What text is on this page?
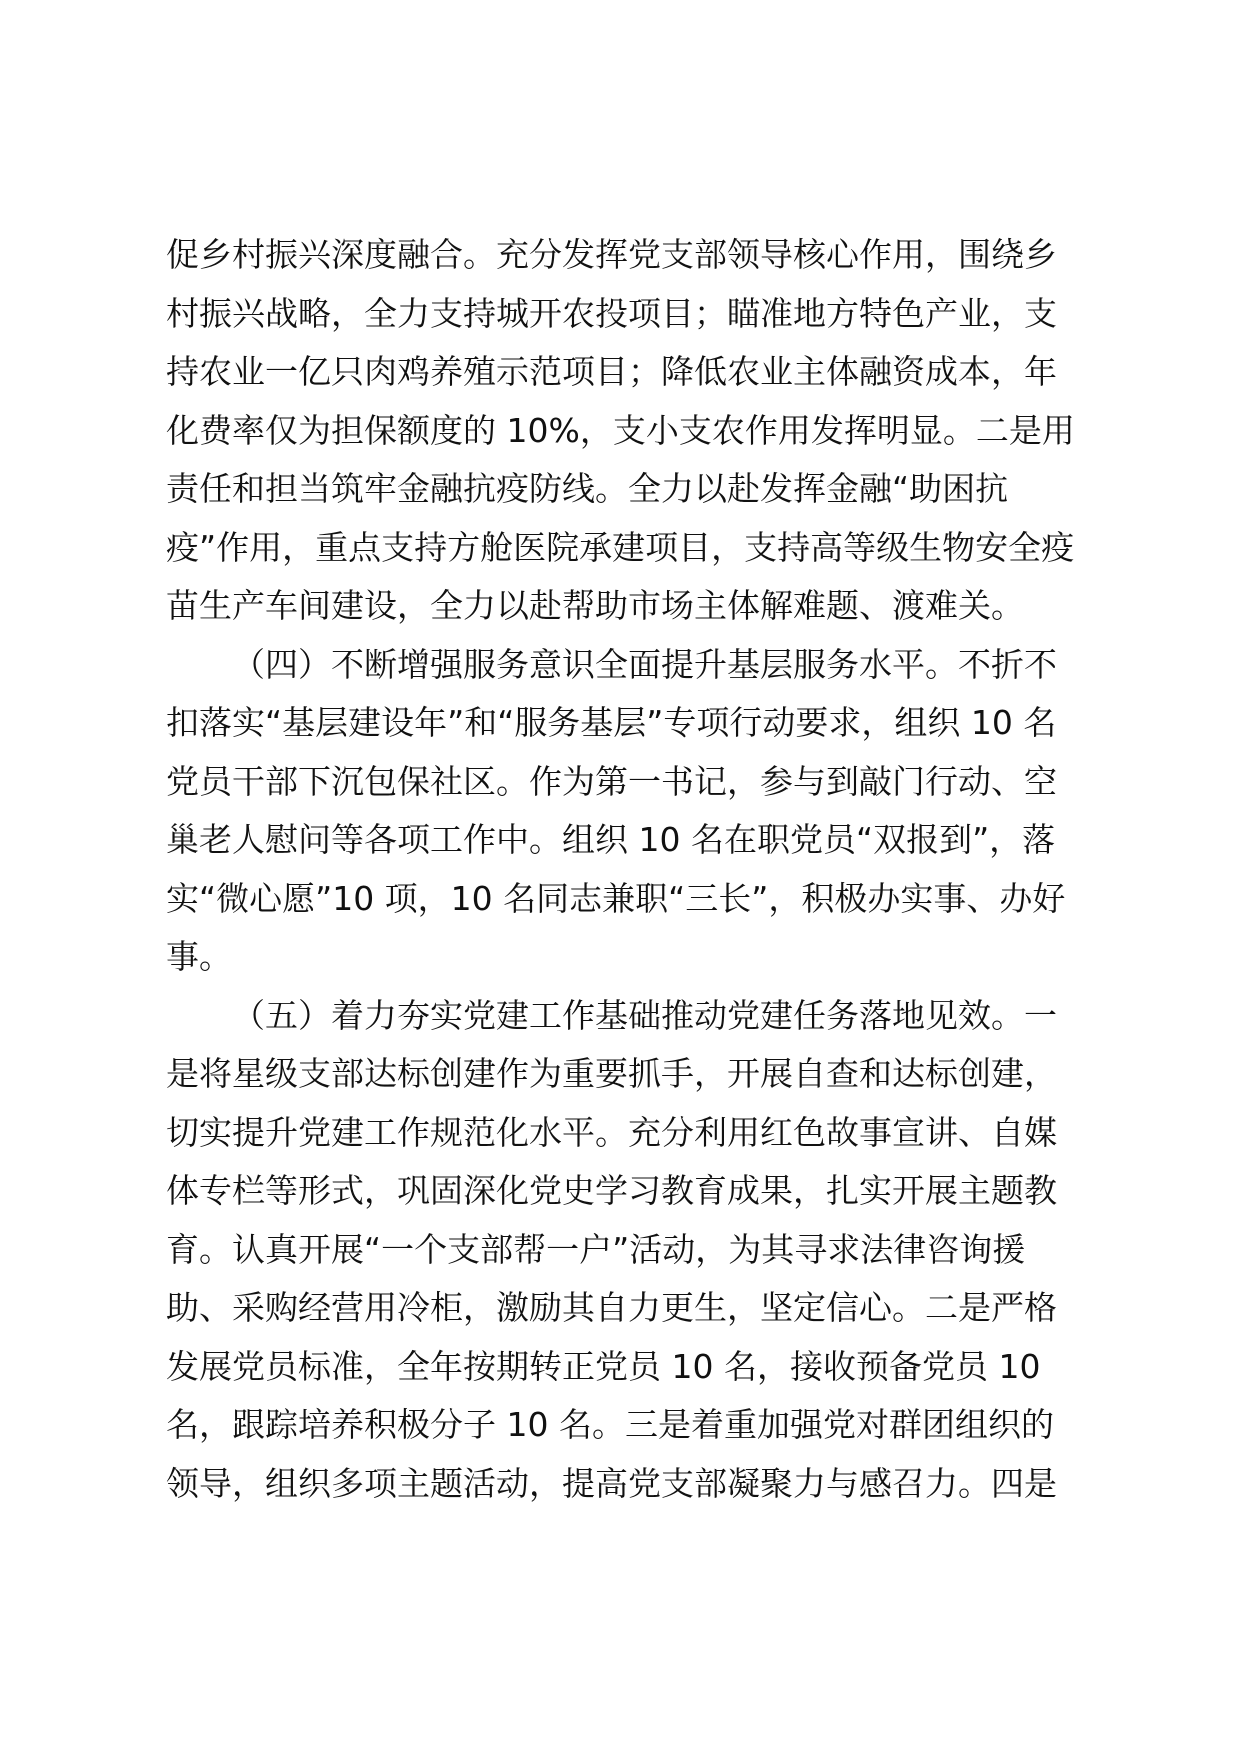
促乡村振兴深度融合。充分发挥党支部领导核心作用，围绕乡
村振兴战略，全力支持城开农投项目；瞄准地方特色产业，支
持农业一亿只肉鸡养殖示范项目；降低农业主体融资成本，年
化费率仅为担保额度的 10%，支小支农作用发挥明显。二是用
责任和担当筑牢金融抗疫防线。全力以赴发挥金融“助困抗
疫”作用，重点支持方舱医院承建项目，支持高等级生物安全疫
苗生产车间建设，全力以赴帮助市场主体解难题、渡难关。
（四）不断增强服务意识全面提升基层服务水平。不折不
扣落实“基层建设年”和“服务基层”专项行动要求，组织 10 名
党员干部下沉包保社区。作为第一书记，参与到敲门行动、空
巢老人慰问等各项工作中。组织 10 名在职党员“双报到”，落
实“微心愿”10 项，10 名同志兼职“三长”，积极办实事、办好
事。
（五）着力夯实党建工作基础推动党建任务落地见效。一
是将星级支部达标创建作为重要抓手，开展自查和达标创建，
切实提升党建工作规范化水平。充分利用红色故事宣讲、自媒
体专栏等形式，巩固深化党史学习教育成果，扎实开展主题教
育。认真开展“一个支部帮一户”活动，为其寻求法律咨询援
助、采购经营用冷柜，激励其自力更生，坚定信心。二是严格
发展党员标准，全年按期转正党员 10 名，接收预备党员 10
名，跟踪培养积极分子 10 名。三是着重加强党对群团组织的
领导，组织多项主题活动，提高党支部凝聚力与感召力。四是
